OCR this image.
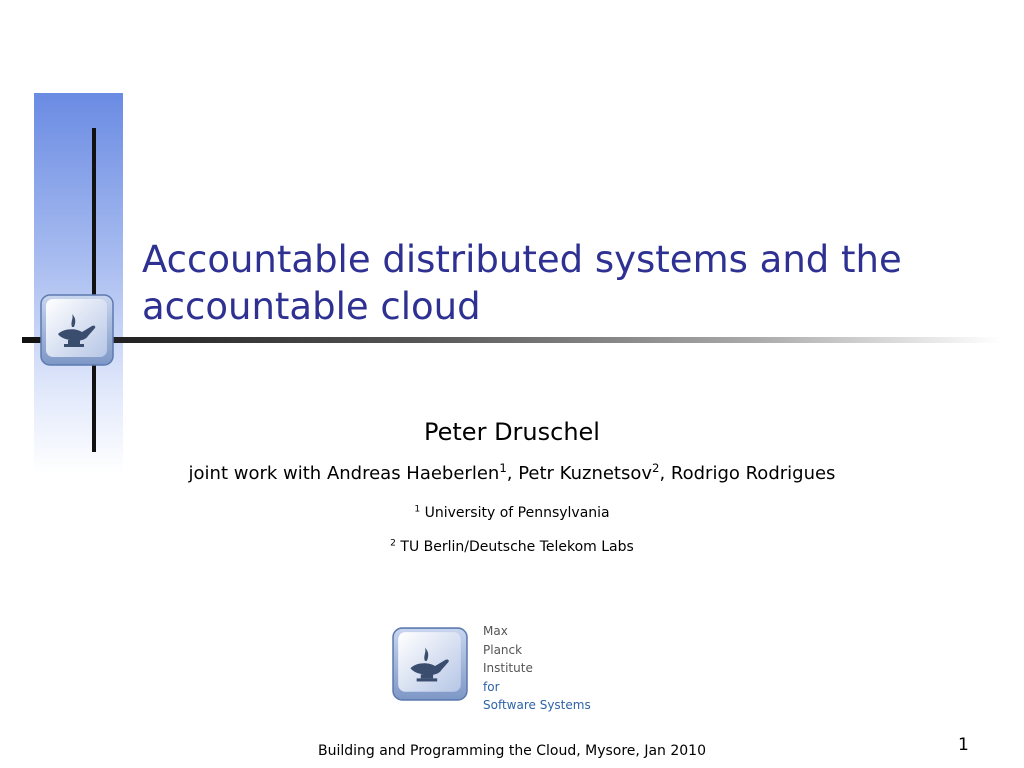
Accountable distributed systems and the accountable cloud
Peter Druschel
joint work with Andreas Haeberlen$^1$, Petr Kuznetsov$^2$, Rodrigo Rodrigues
$^1$ University of Pennsylvania
$^2$ TU Berlin/Deutsche Telekom Labs
Max
Planck
Institute
for
Software Systems
Building and Programming the Cloud, Mysore, Jan 2010	1
